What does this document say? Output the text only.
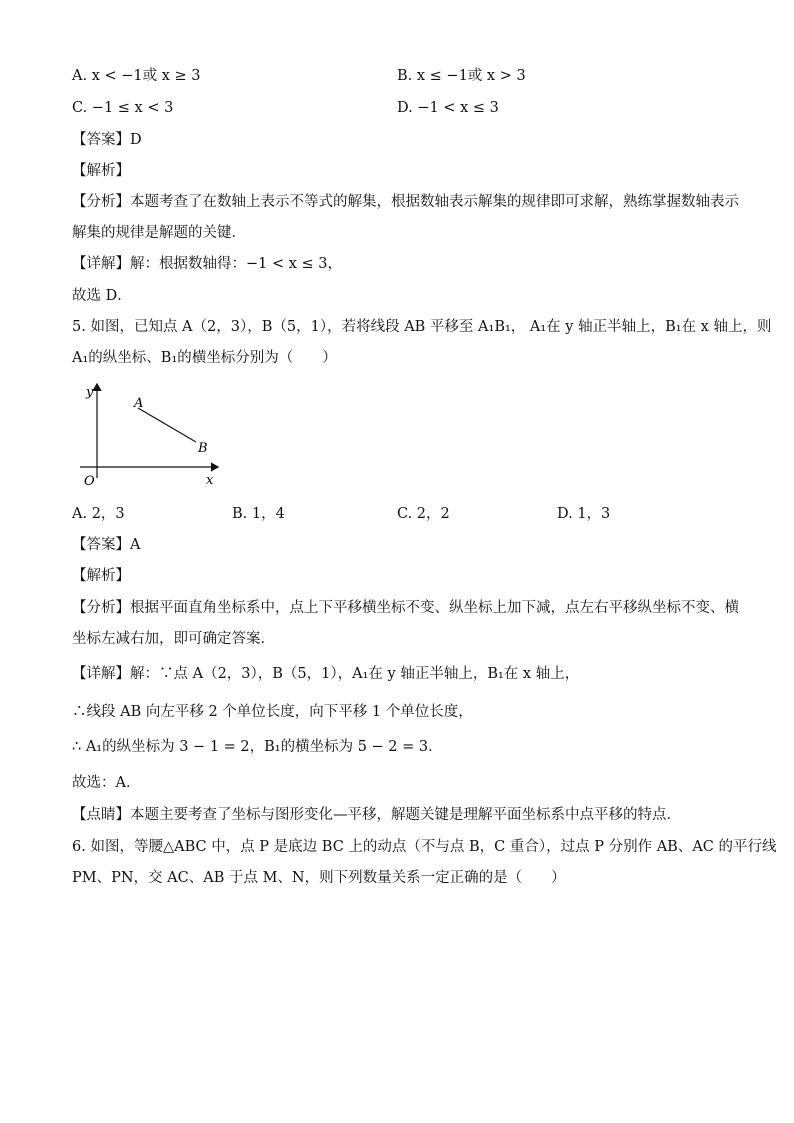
A. x < −1或 x ≥ 3	B. x ≤ −1或 x > 3
C. −1 ≤ x < 3	D. −1 < x ≤ 3
【答案】D
【解析】
【分析】本题考查了在数轴上表示不等式的解集，根据数轴表示解集的规律即可求解，熟练掌握数轴表示
解集的规律是解题的关键．
【详解】解：根据数轴得：−1 < x ≤ 3，
故选 D．
5. 如图，已知点 A（2，3），B（5，1），若将线段 AB 平移至 A₁B₁， A₁在 y 轴正半轴上，B₁在 x 轴上，则
A₁的纵坐标、B₁的横坐标分别为（　　）
y
x
O
A
B
A. 2，3	B. 1，4	C. 2，2	D. 1，3
【答案】A
【解析】
【分析】根据平面直角坐标系中，点上下平移横坐标不变、纵坐标上加下减，点左右平移纵坐标不变、横
坐标左减右加，即可确定答案．
【详解】解：∵点 A（2，3），B（5，1），A₁在 y 轴正半轴上，B₁在 x 轴上，
∴线段 AB 向左平移 2 个单位长度，向下平移 1 个单位长度，
∴ A₁的纵坐标为 3 − 1 = 2，B₁的横坐标为 5 − 2 = 3．
故选：A．
【点睛】本题主要考查了坐标与图形变化—平移，解题关键是理解平面坐标系中点平移的特点．
6. 如图，等腰△ABC 中，点 P 是底边 BC 上的动点（不与点 B，C 重合），过点 P 分别作 AB、AC 的平行线
PM、PN，交 AC、AB 于点 M、N，则下列数量关系一定正确的是（　　）
